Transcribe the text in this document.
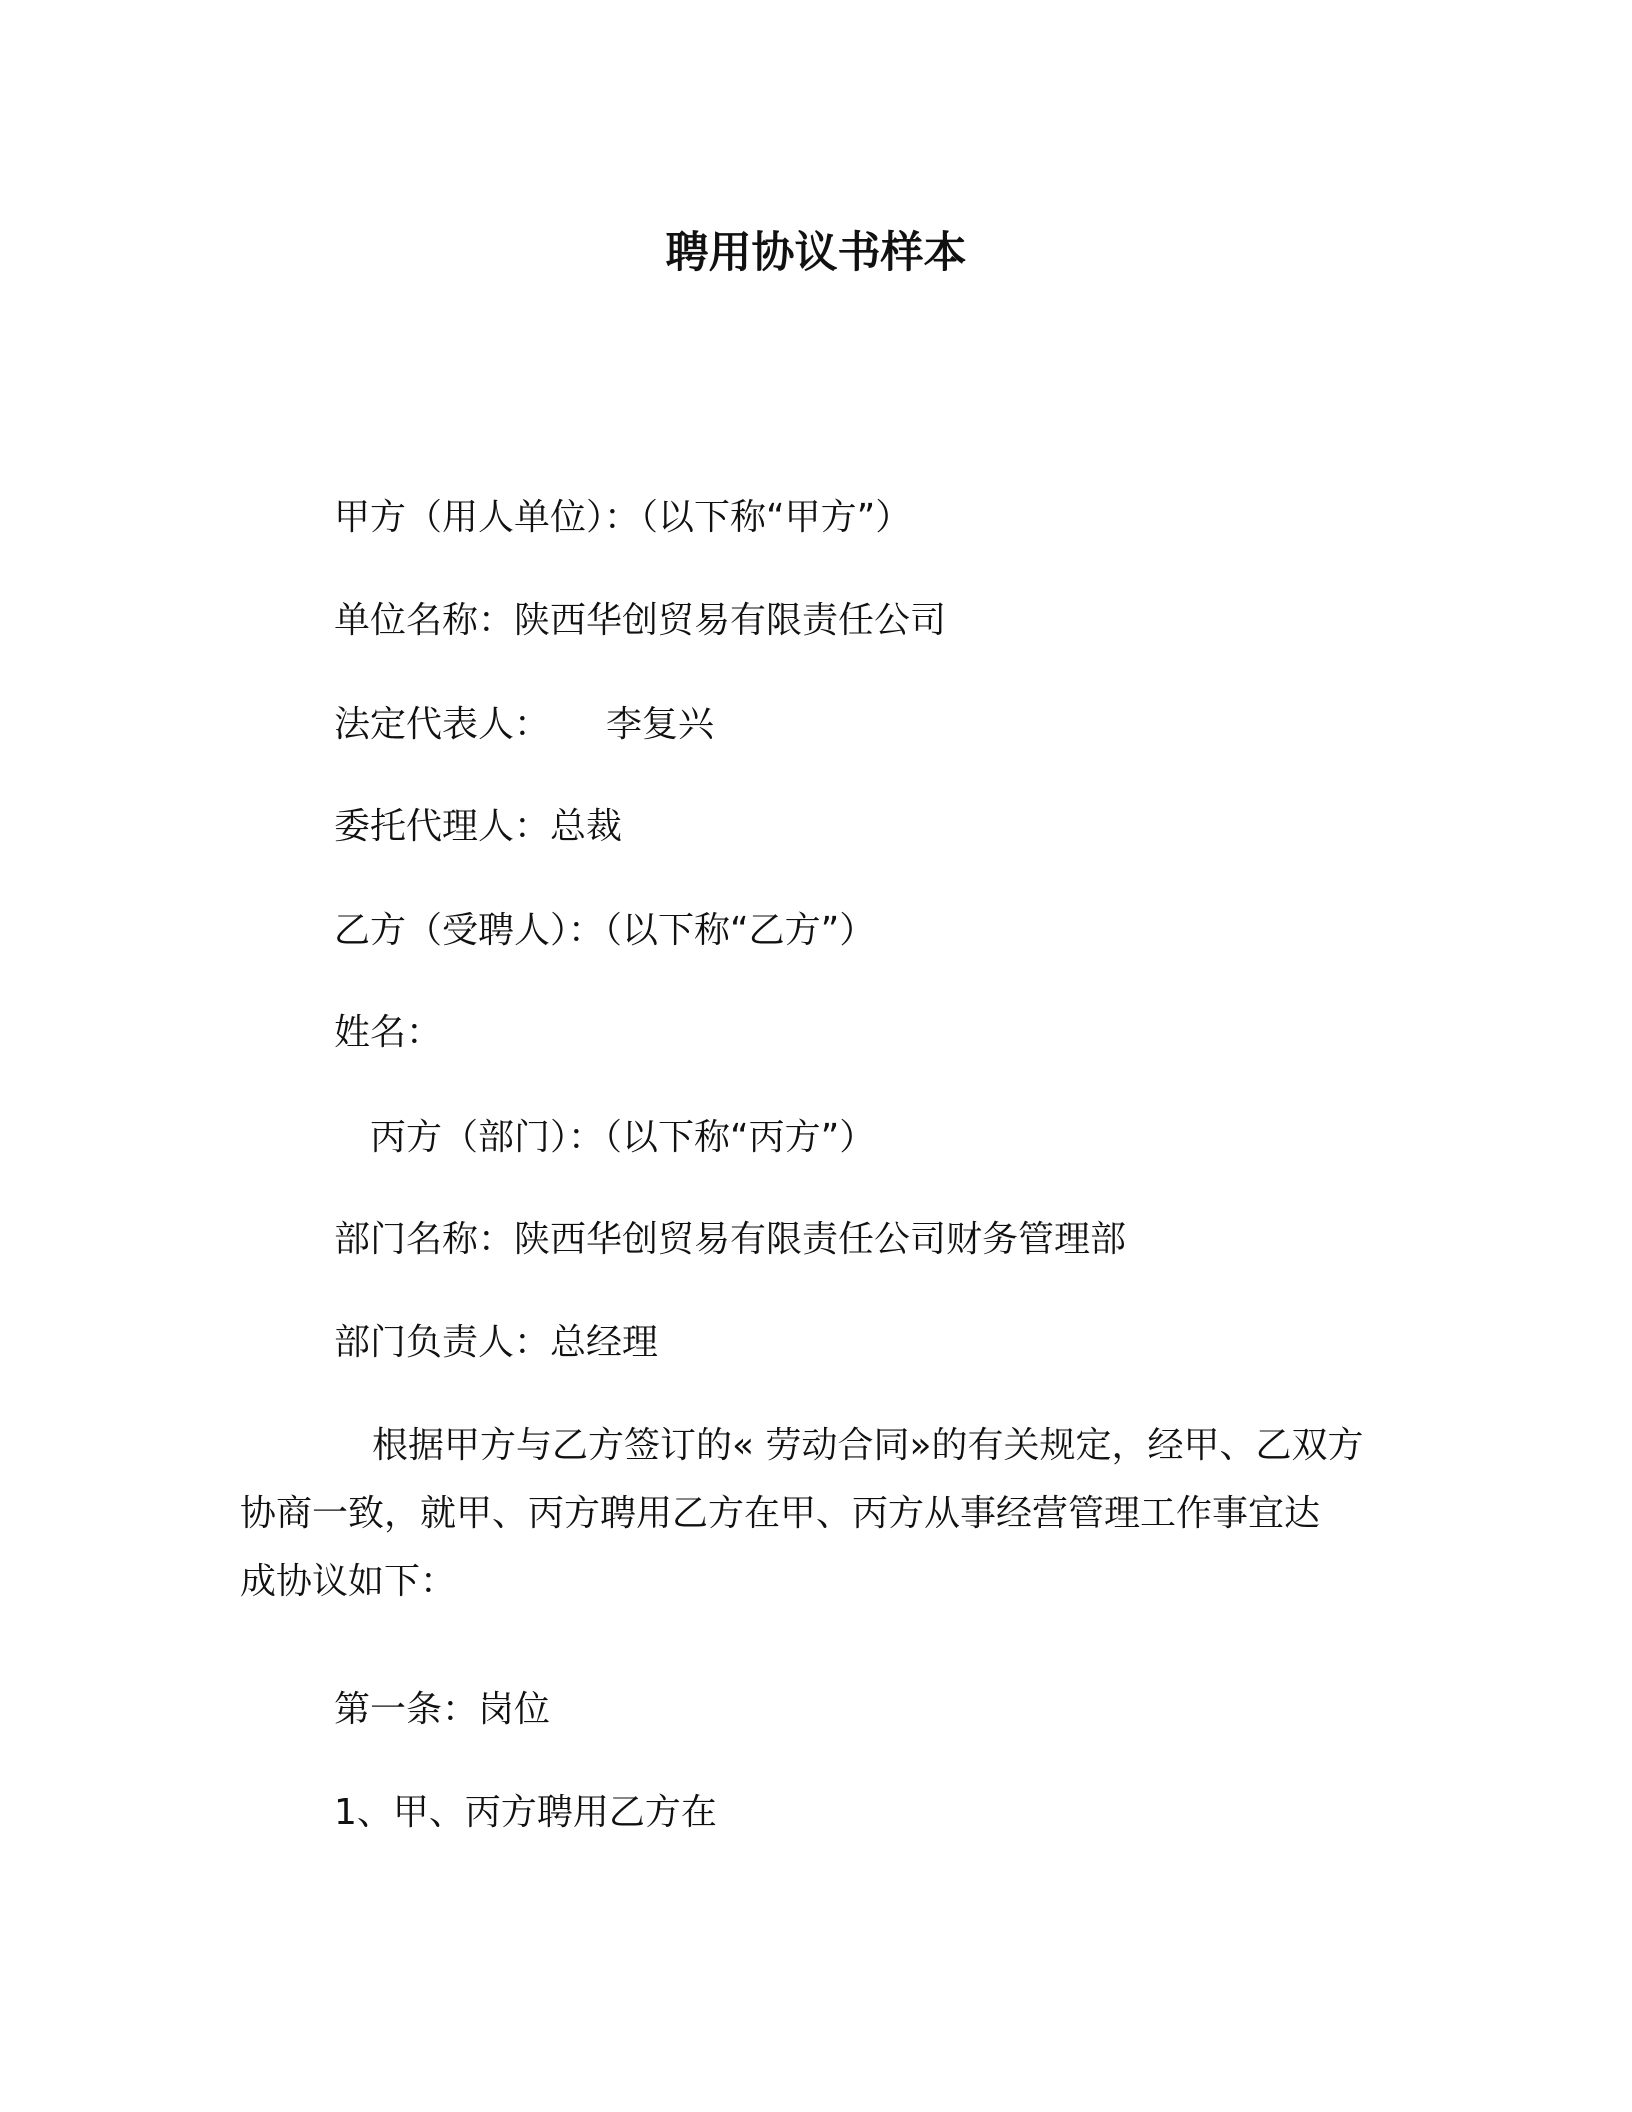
聘用协议书样本
甲方（用人单位）：（以下称“甲方”）
单位名称：陕西华创贸易有限责任公司
法定代表人： 李复兴
委托代理人：总裁
乙方（受聘人）：（以下称“乙方”）
姓名：
丙方（部门）：（以下称“丙方”）
部门名称：陕西华创贸易有限责任公司财务管理部
部门负责人：总经理
根据甲方与乙方签订的« 劳动合同»的有关规定，经甲、乙双方
协商一致，就甲、丙方聘用乙方在甲、丙方从事经营管理工作事宜达
成协议如下：
第一条：岗位
1、甲、丙方聘用乙方在
